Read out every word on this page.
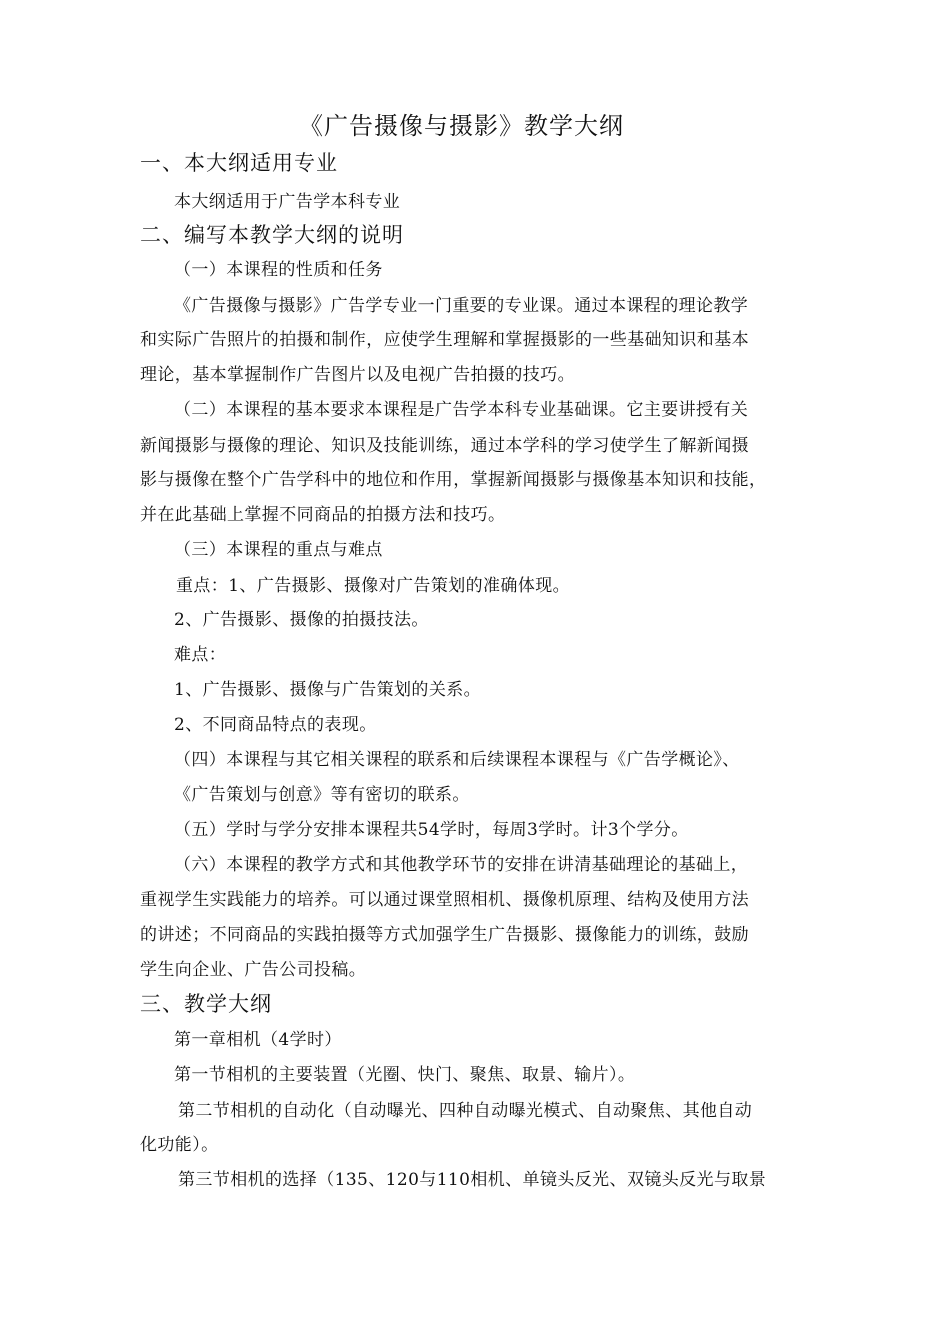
《广告摄像与摄影》教学大纲
一、本大纲适用专业
本大纲适用于广告学本科专业
二、编写本教学大纲的说明
（一）本课程的性质和任务
《广告摄像与摄影》广告学专业一门重要的专业课。通过本课程的理论教学
和实际广告照片的拍摄和制作，应使学生理解和掌握摄影的一些基础知识和基本
理论，基本掌握制作广告图片以及电视广告拍摄的技巧。
（二）本课程的基本要求本课程是广告学本科专业基础课。它主要讲授有关
新闻摄影与摄像的理论、知识及技能训练，通过本学科的学习使学生了解新闻摄
影与摄像在整个广告学科中的地位和作用，掌握新闻摄影与摄像基本知识和技能，
并在此基础上掌握不同商品的拍摄方法和技巧。
（三）本课程的重点与难点
重点：1、广告摄影、摄像对广告策划的准确体现。
2、广告摄影、摄像的拍摄技法。
难点：
1、广告摄影、摄像与广告策划的关系。
2、不同商品特点的表现。
（四）本课程与其它相关课程的联系和后续课程本课程与《广告学概论》、
《广告策划与创意》等有密切的联系。
（五）学时与学分安排本课程共54学时，每周3学时。计3个学分。
（六）本课程的教学方式和其他教学环节的安排在讲清基础理论的基础上，
重视学生实践能力的培养。可以通过课堂照相机、摄像机原理、结构及使用方法
的讲述；不同商品的实践拍摄等方式加强学生广告摄影、摄像能力的训练，鼓励
学生向企业、广告公司投稿。
三、教学大纲
第一章相机（4学时）
第一节相机的主要装置（光圈、快门、聚焦、取景、输片）。
第二节相机的自动化（自动曝光、四种自动曝光模式、自动聚焦、其他自动
化功能）。
第三节相机的选择（135、120与110相机、单镜头反光、双镜头反光与取景
